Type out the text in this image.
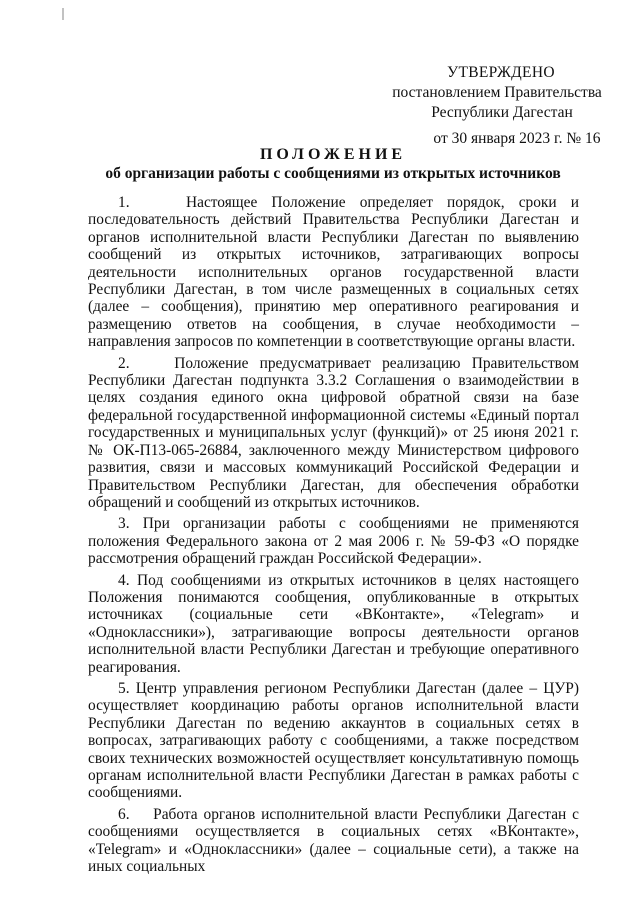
УТВЕРЖДЕНО
постановлением Правительства
Республики Дагестан
от 30 января 2023 г. № 16
ПОЛОЖЕНИЕ
об организации работы с сообщениями из открытых источников

1.    Настоящее Положение определяет порядок, сроки и последовательность действий Правительства Республики Дагестан и органов исполнительной власти Республики Дагестан по выявлению сообщений из открытых источников, затрагивающих вопросы деятельности исполнительных органов государственной власти Республики Дагестан, в том числе размещенных в социальных сетях (далее – сообщения), принятию мер оперативного реагирования и размещению ответов на сообщения, в случае необходимости – направления запросов по компетенции в соответствующие органы власти.

2.    Положение предусматривает реализацию Правительством Республики Дагестан подпункта 3.3.2 Соглашения о взаимодействии в целях создания единого окна цифровой обратной связи на базе федеральной государственной информационной системы «Единый портал государственных и муниципальных услуг (функций)» от 25 июня 2021 г. № ОК-П13-065-26884, заключенного между Министерством цифрового развития, связи и массовых коммуникаций Российской Федерации и Правительством Республики Дагестан, для обеспечения обработки обращений и сообщений из открытых источников.

3. При организации работы с сообщениями не применяются положения Федерального закона от 2 мая 2006 г. № 59-ФЗ «О порядке рассмотрения обращений граждан Российской Федерации».

4. Под сообщениями из открытых источников в целях настоящего Положения понимаются сообщения, опубликованные в открытых источниках (социальные сети «ВКонтакте», «Telegram» и «Одноклассники»), затрагивающие вопросы деятельности органов исполнительной власти Республики Дагестан и требующие оперативного реагирования.

5. Центр управления регионом Республики Дагестан (далее – ЦУР) осуществляет координацию работы органов исполнительной власти Республики Дагестан по ведению аккаунтов в социальных сетях в вопросах, затрагивающих работу с сообщениями, а также посредством своих технических возможностей осуществляет консультативную помощь органам исполнительной власти Республики Дагестан в рамках работы с сообщениями.

6.    Работа органов исполнительной власти Республики Дагестан с сообщениями осуществляется в социальных сетях «ВКонтакте», «Telegram» и «Одноклассники» (далее – социальные сети), а также на иных социальных
